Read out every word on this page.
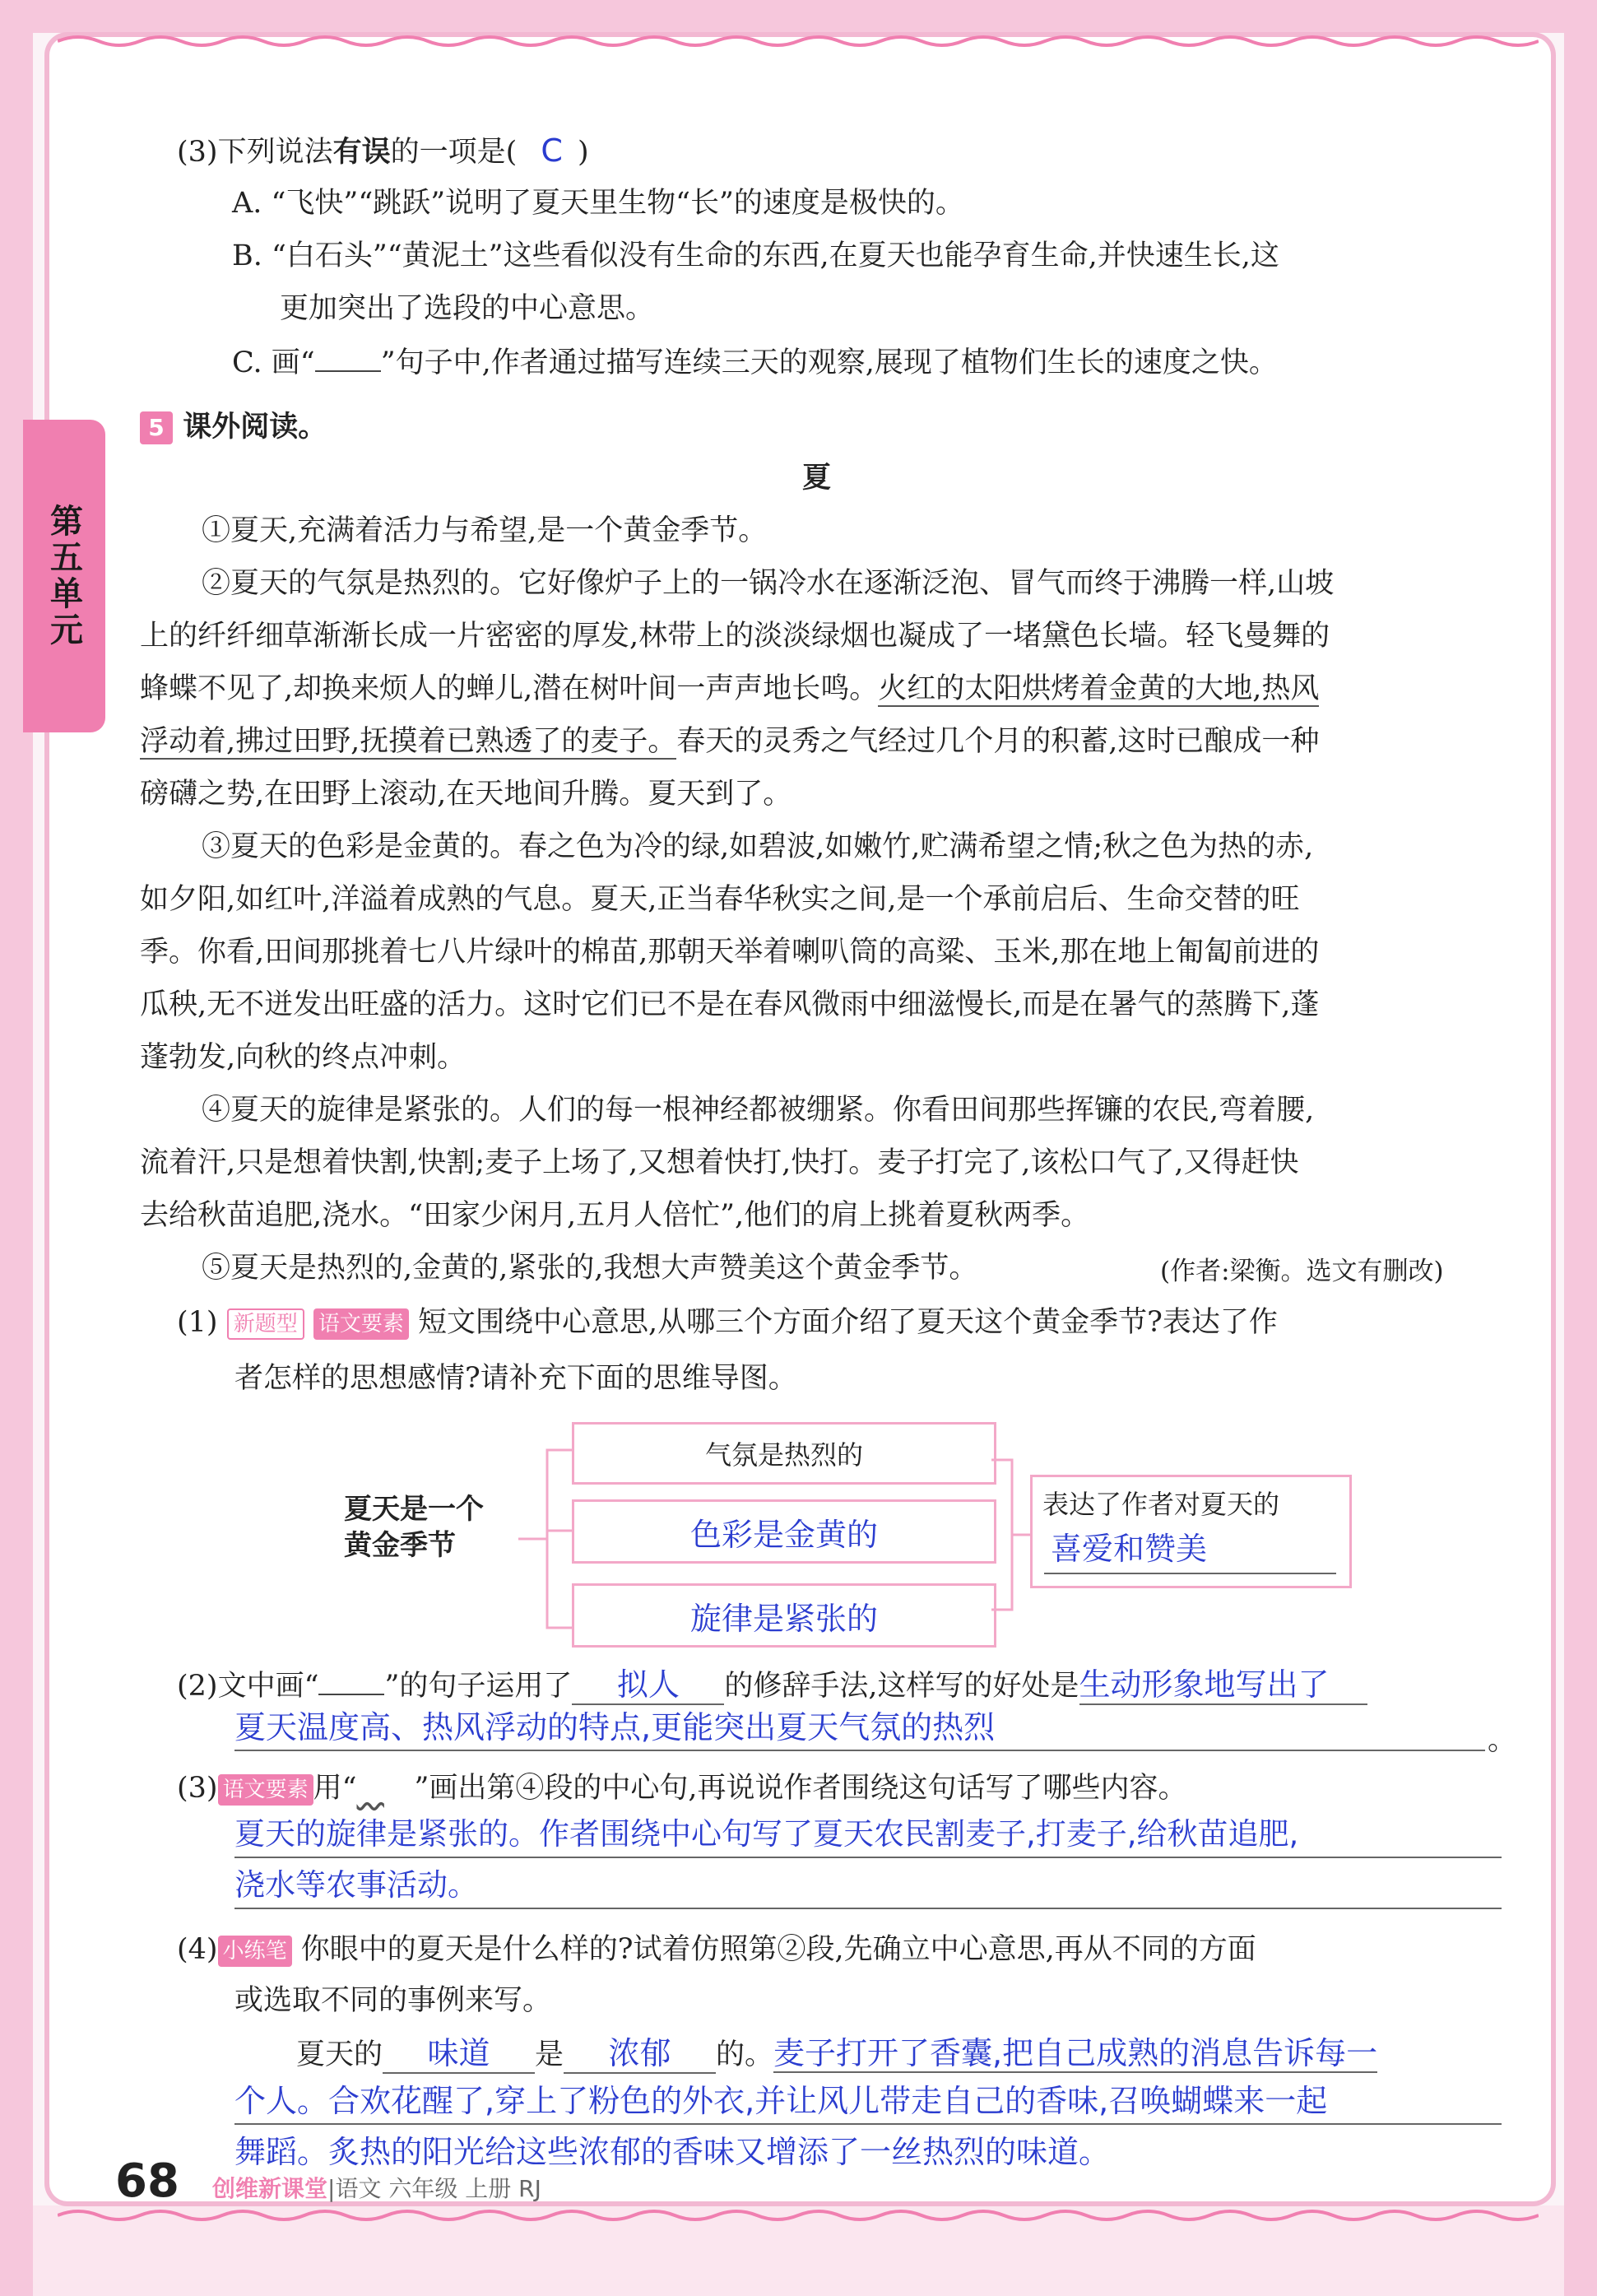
第五单元
(3)下列说法有误的一项是( C )
A. “飞快”“跳跃”说明了夏天里生物“长”的速度是极快的。
B. “白石头”“黄泥土”这些看似没有生命的东西,在夏天也能孕育生命,并快速生长,这
更加突出了选段的中心意思。
C. 画“ ”句子中,作者通过描写连续三天的观察,展现了植物们生长的速度之快。
5 课外阅读。
夏
①夏天,充满着活力与希望,是一个黄金季节。
②夏天的气氛是热烈的。它好像炉子上的一锅冷水在逐渐泛泡、冒气而终于沸腾一样,山坡
上的纤纤细草渐渐长成一片密密的厚发,林带上的淡淡绿烟也凝成了一堵黛色长墙。轻飞曼舞的
蜂蝶不见了,却换来烦人的蝉儿,潜在树叶间一声声地长鸣。火红的太阳烘烤着金黄的大地,热风
浮动着,拂过田野,抚摸着已熟透了的麦子。春天的灵秀之气经过几个月的积蓄,这时已酿成一种
磅礴之势,在田野上滚动,在天地间升腾。夏天到了。
③夏天的色彩是金黄的。春之色为冷的绿,如碧波,如嫩竹,贮满希望之情;秋之色为热的赤,
如夕阳,如红叶,洋溢着成熟的气息。夏天,正当春华秋实之间,是一个承前启后、生命交替的旺
季。你看,田间那挑着七八片绿叶的棉苗,那朝天举着喇叭筒的高粱、玉米,那在地上匍匐前进的
瓜秧,无不迸发出旺盛的活力。这时它们已不是在春风微雨中细滋慢长,而是在暑气的蒸腾下,蓬
蓬勃发,向秋的终点冲刺。
④夏天的旋律是紧张的。人们的每一根神经都被绷紧。你看田间那些挥镰的农民,弯着腰,
流着汗,只是想着快割,快割;麦子上场了,又想着快打,快打。麦子打完了,该松口气了,又得赶快
去给秋苗追肥,浇水。“田家少闲月,五月人倍忙”,他们的肩上挑着夏秋两季。
⑤夏天是热烈的,金黄的,紧张的,我想大声赞美这个黄金季节。	(作者:梁衡。选文有删改)
(1) 新题型 语文要素 短文围绕中心意思,从哪三个方面介绍了夏天这个黄金季节?表达了作
者怎样的思想感情?请补充下面的思维导图。
夏天是一个
黄金季节
气氛是热烈的
色彩是金黄的
旋律是紧张的
表达了作者对夏天的
喜爱和赞美
(2)文中画“ ”的句子运用了 拟人 的修辞手法,这样写的好处是生动形象地写出了
夏天温度高、热风浮动的特点,更能突出夏天气氛的热烈	。
(3) 语文要素 用“ ”画出第④段的中心句,再说说作者围绕这句话写了哪些内容。
夏天的旋律是紧张的。作者围绕中心句写了夏天农民割麦子,打麦子,给秋苗追肥,
浇水等农事活动。
(4) 小练笔 你眼中的夏天是什么样的?试着仿照第②段,先确立中心意思,再从不同的方面
或选取不同的事例来写。
夏天的 味道 是 浓郁 的。麦子打开了香囊,把自己成熟的消息告诉每一
个人。合欢花醒了,穿上了粉色的外衣,并让风儿带走自己的香味,召唤蝴蝶来一起
舞蹈。炙热的阳光给这些浓郁的香味又增添了一丝热烈的味道。
68 创维新课堂|语文 六年级 上册 RJ
